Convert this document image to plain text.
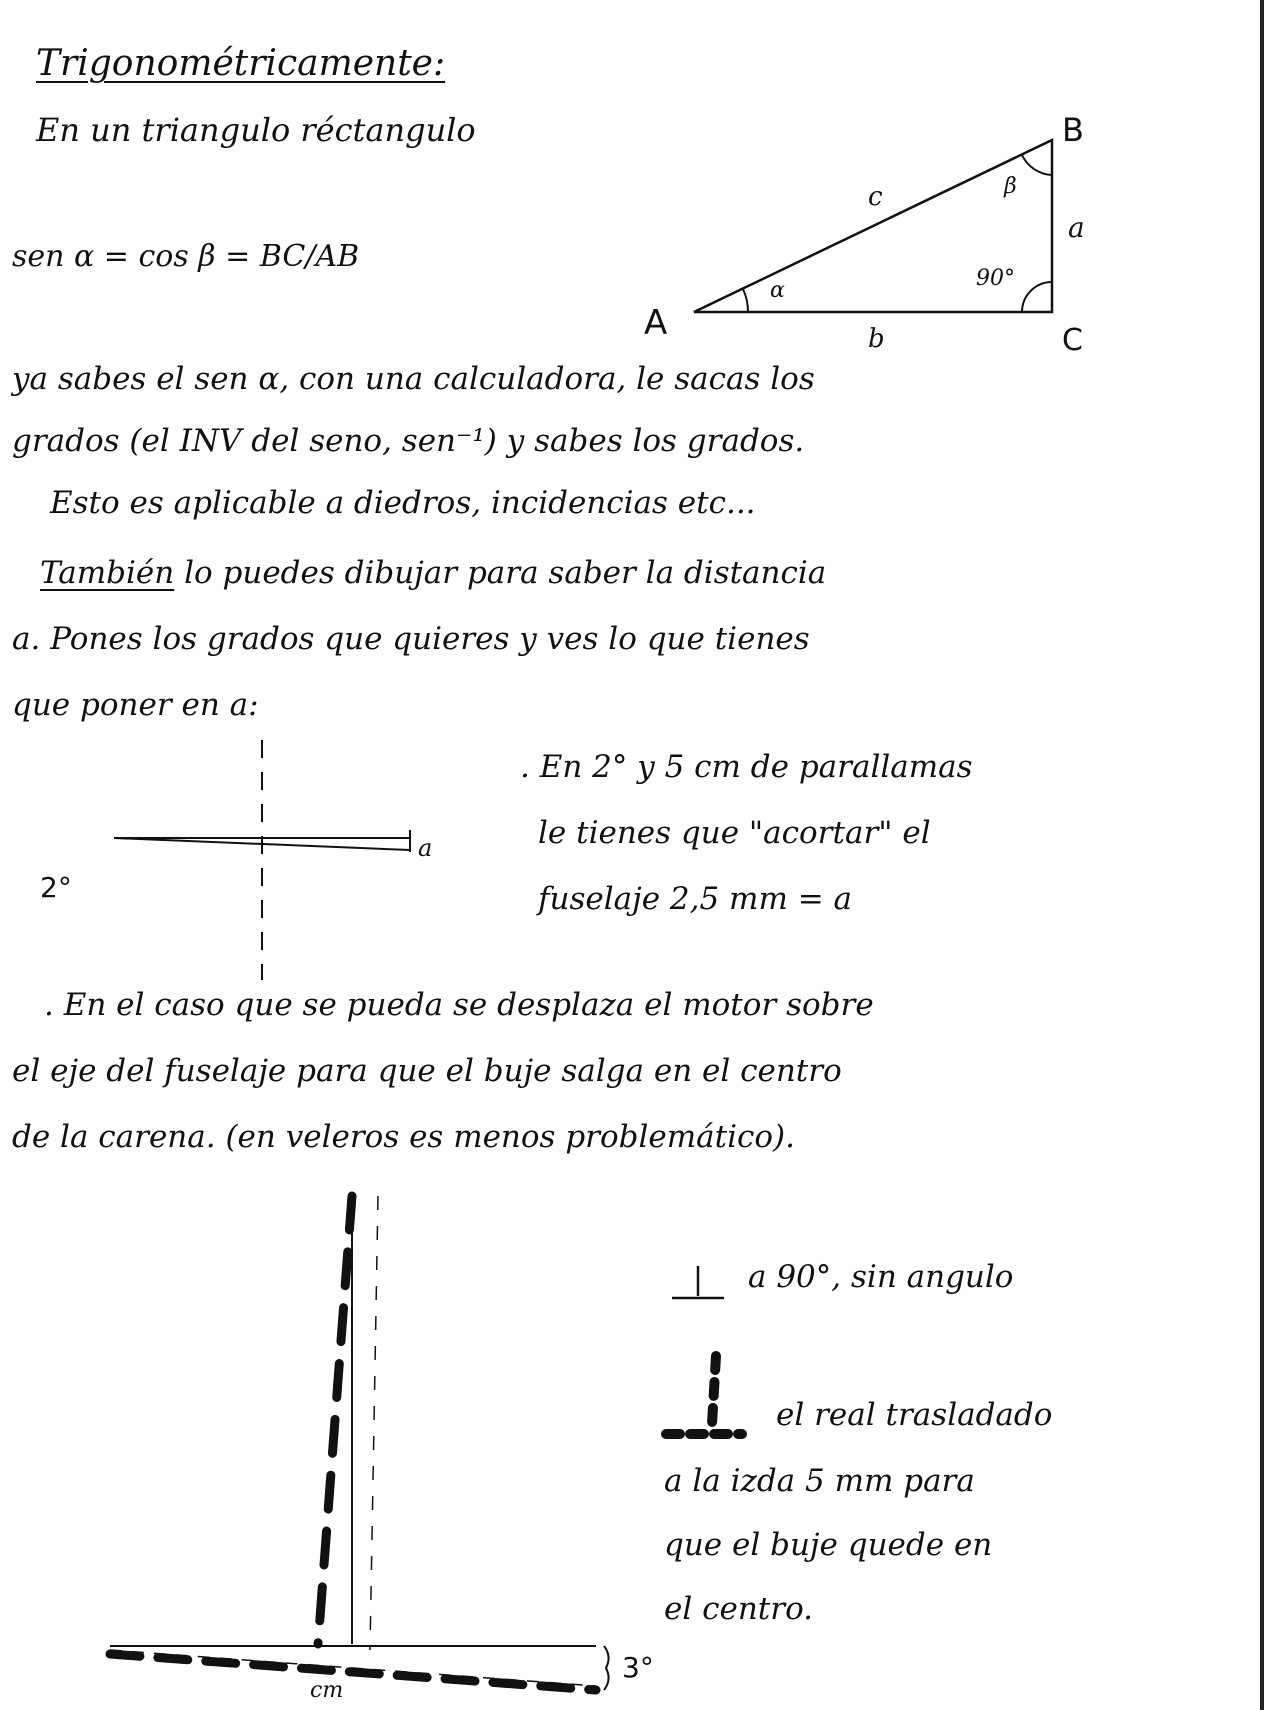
Trigonométricamente:
En un triangulo réctangulo
sen α = cos β = BC/AB
A
B
C
a
b
c
α
β
90°
ya sabes el sen α, con una calculadora, le sacas los
grados (el INV del seno, sen⁻¹) y sabes los grados.
Esto es aplicable a diedros, incidencias etc...
También lo puedes dibujar para saber la distancia
a. Pones los grados que quieres y ves lo que tienes
que poner en a:
2°
a
. En 2° y 5 cm de parallamas
le tienes que "acortar" el
fuselaje 2,5 mm = a
. En el caso que se pueda se desplaza el motor sobre
el eje del fuselaje para que el buje salga en el centro
de la carena. (en veleros es menos problemático).
3°
cm
a 90°, sin angulo
el real trasladado
a la izda 5 mm para
que el buje quede en
el centro.
